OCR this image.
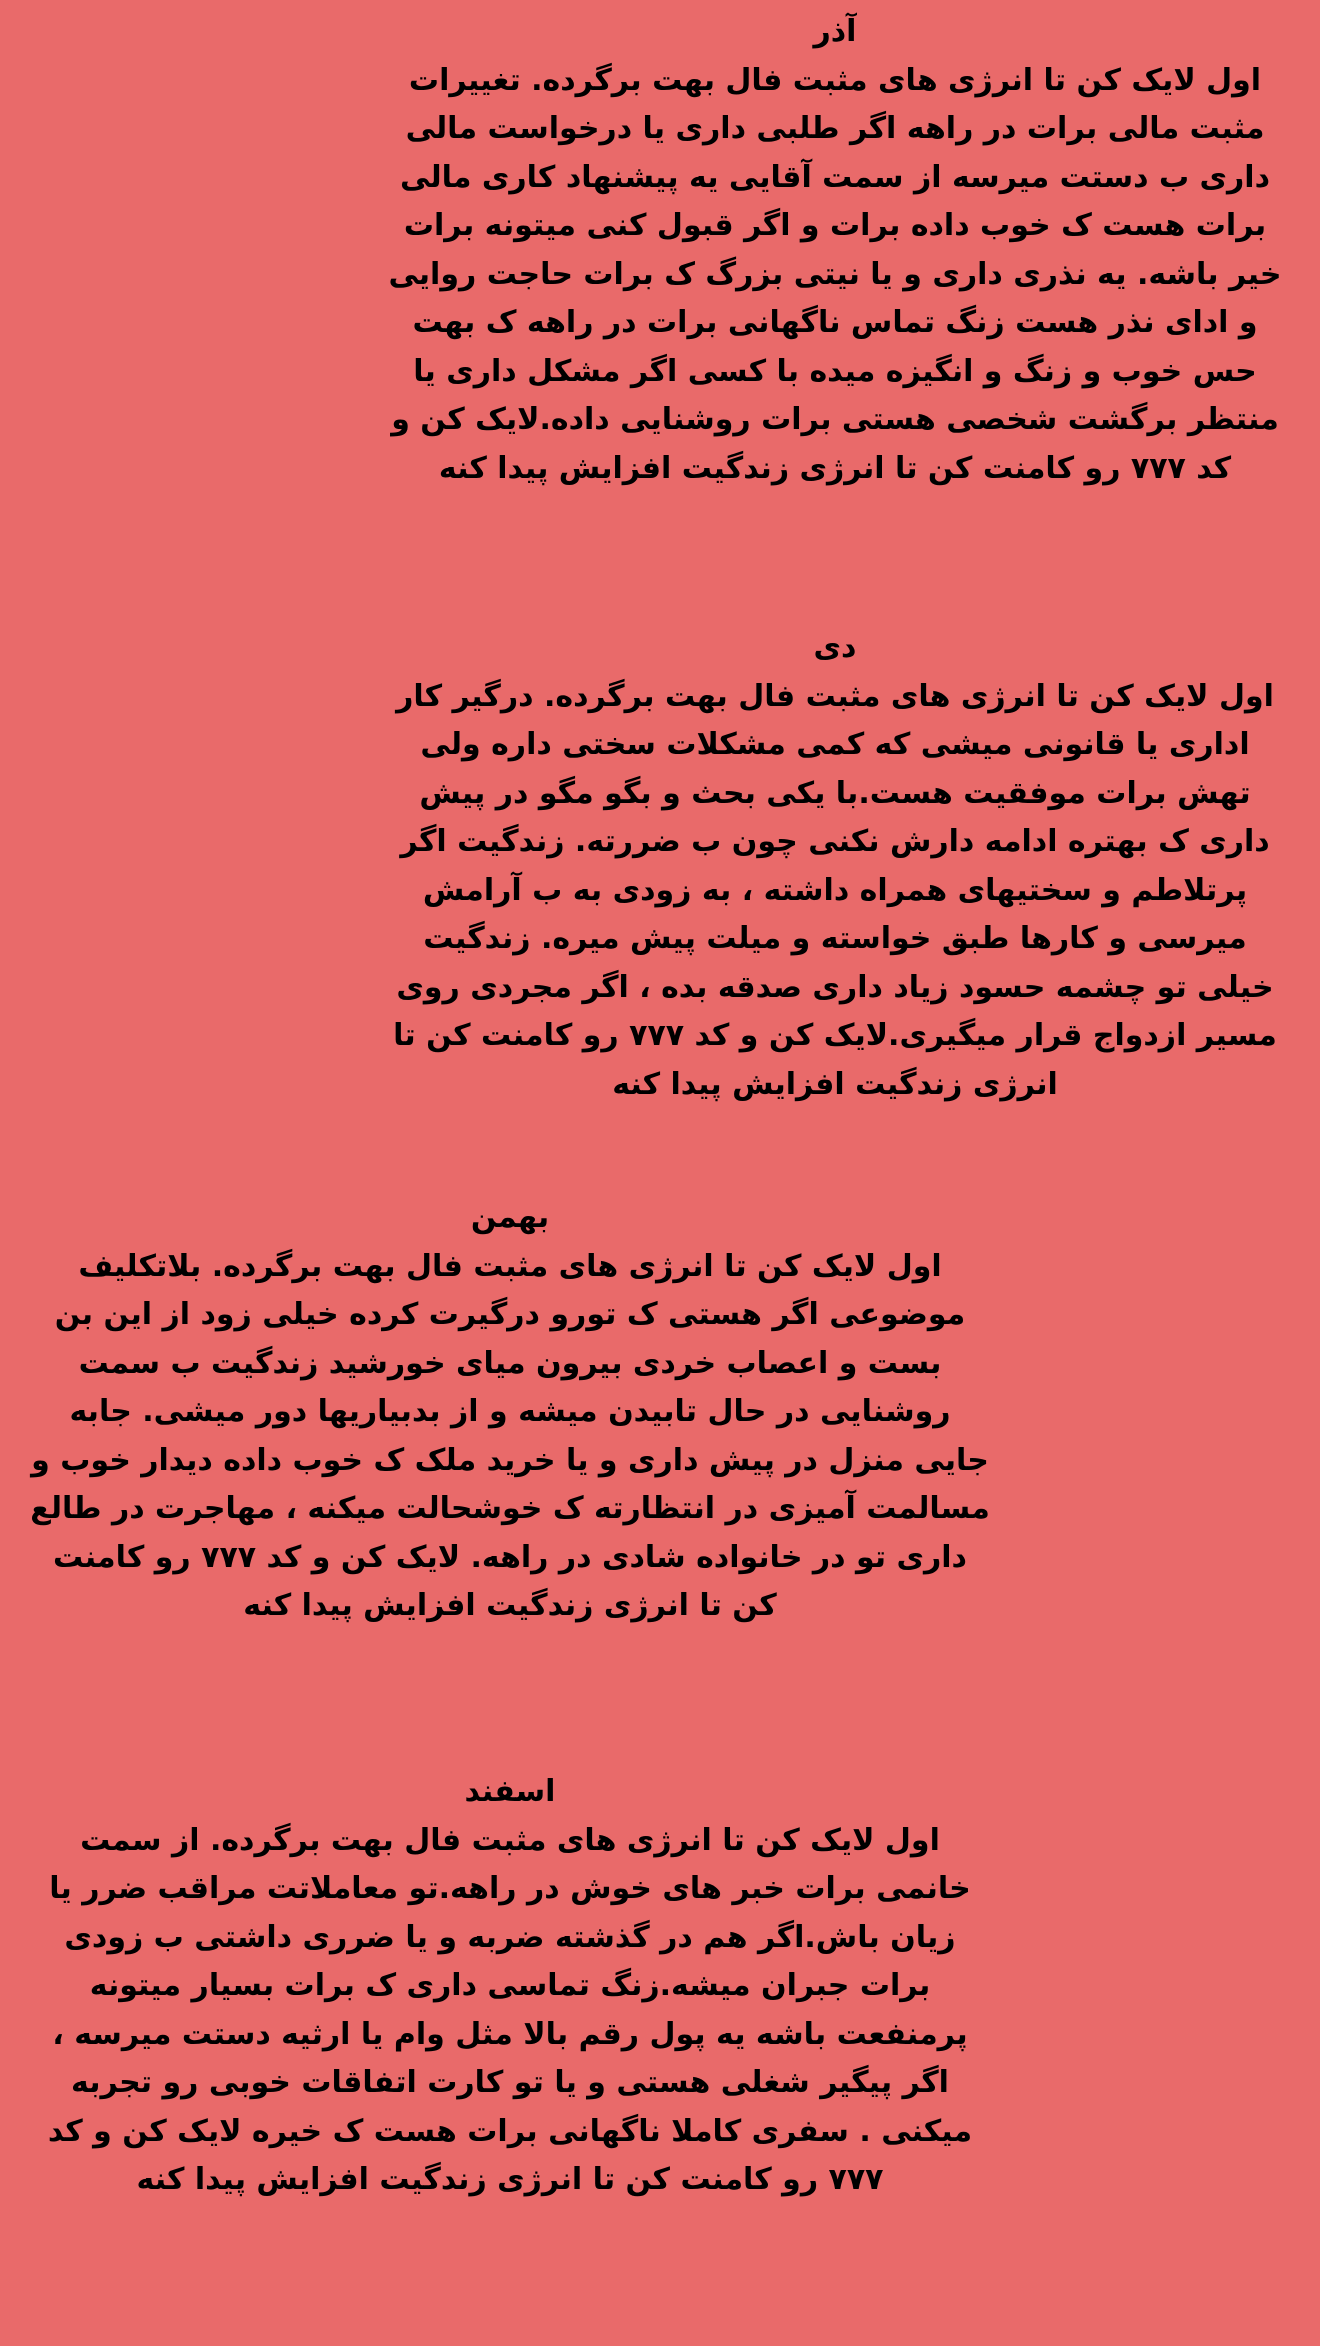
آذر
اول لایک کن تا انرژی های مثبت فال بهت برگرده. تغییرات مثبت مالی برات در راهه اگر طلبی داری یا درخواست مالی داری ب دستت میرسه از سمت آقایی یه پیشنهاد کاری مالی برات هست ک خوب داده برات و اگر قبول کنی میتونه برات خیر باشه. یه نذری داری و یا نیتی بزرگ ک برات حاجت روایی و ادای نذر هست زنگ تماس ناگهانی برات در راهه ک بهت حس خوب و زنگ و انگیزه میده با کسی اگر مشکل داری یا منتظر برگشت شخصی هستی برات روشنایی داده.لایک کن و کد ۷۷۷ رو کامنت کن تا انرژی زندگیت افزایش پیدا کنه
دی
اول لایک کن تا انرژی های مثبت فال بهت برگرده. درگیر کار اداری یا قانونی میشی که کمی مشکلات سختی داره ولی تهش برات موفقیت هست.با یکی بحث و بگو مگو در پیش داری ک بهتره ادامه دارش نکنی چون ب ضررته. زندگیت اگر پرتلاطم و سختیهای همراه داشته ، به زودی به ب آرامش میرسی و کارها طبق خواسته و میلت پیش میره. زندگیت خیلی تو چشمه حسود زیاد داری صدقه بده ، اگر مجردی روی مسیر ازدواج قرار میگیری.لایک کن و کد ۷۷۷ رو کامنت کن تا انرژی زندگیت افزایش پیدا کنه
بهمن
اول لایک کن تا انرژی های مثبت فال بهت برگرده. بلاتکلیف موضوعی اگر هستی ک تورو درگیرت کرده خیلی زود از این بن بست و اعصاب خردی بیرون میای خورشید زندگیت ب سمت روشنایی در حال تابیدن میشه و از بدبیاریها دور میشی. جابه جایی منزل در پیش داری و یا خرید ملک ک خوب داده دیدار خوب و مسالمت آمیزی در انتظارته ک خوشحالت میکنه ، مهاجرت در طالع داری تو در خانواده شادی در راهه. لایک کن و کد ۷۷۷ رو کامنت کن تا انرژی زندگیت افزایش پیدا کنه
اسفند
اول لایک کن تا انرژی های مثبت فال بهت برگرده. از سمت خانمی برات خبر های خوش در راهه.تو معاملاتت مراقب ضرر یا زیان باش.اگر هم در گذشته ضربه و یا ضرری داشتی ب زودی برات جبران میشه.زنگ تماسی داری ک برات بسیار میتونه پرمنفعت باشه یه پول رقم بالا مثل وام یا ارثیه دستت میرسه ، اگر پیگیر شغلی هستی و یا تو کارت اتفاقات خوبی رو تجربه میکنی . سفری کاملا ناگهانی برات هست ک خیره لایک کن و کد ۷۷۷ رو کامنت کن تا انرژی زندگیت افزایش پیدا کنه
